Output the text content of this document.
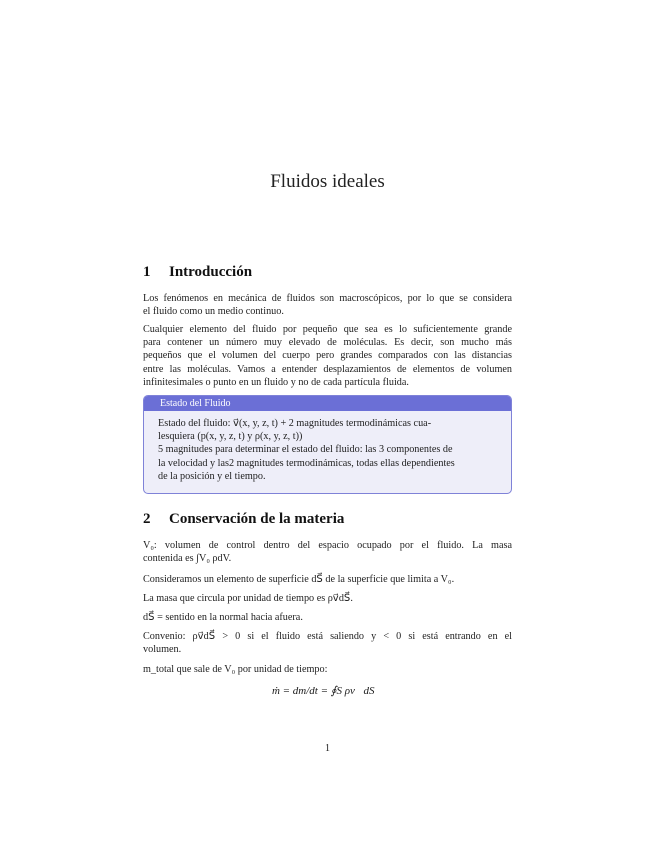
Fluidos ideales
1 Introducción
Los fenómenos en mecánica de fluidos son macroscópicos, por lo que se considera
el fluido como un medio continuo.
Cualquier elemento del fluido por pequeño que sea es lo suficientemente grande
para contener un número muy elevado de moléculas. Es decir, son mucho más
pequeños que el volumen del cuerpo pero grandes comparados con las distancias
entre las moléculas. Vamos a entender desplazamientos de elementos de volumen
infinitesimales o punto en un fluido y no de cada partícula fluida.
Estado del Fluido
Estado del fluido: v⃗(x, y, z, t) + 2 magnitudes termodinámicas cua-
lesquiera (p(x, y, z, t) y ρ(x, y, z, t))
5 magnitudes para determinar el estado del fluido: las 3 componentes de
la velocidad y las2 magnitudes termodinámicas, todas ellas dependientes
de la posición y el tiempo.
2 Conservación de la materia
V₀: volumen de control dentro del espacio ocupado por el fluido. La masa
contenida es ∫V₀ ρdV.
Consideramos un elemento de superficie dS⃗ de la superficie que limita a V₀.
La masa que circula por unidad de tiempo es ρv⃗dS⃗.
dS⃗ = sentido en la normal hacia afuera.
Convenio: ρv⃗dS⃗ > 0 si el fluido está saliendo y < 0 si está entrando en el
volumen.
m_total que sale de V₀ por unidad de tiempo:
ṁ = dm/dt = ∮S ρv⃗dS⃗
1
